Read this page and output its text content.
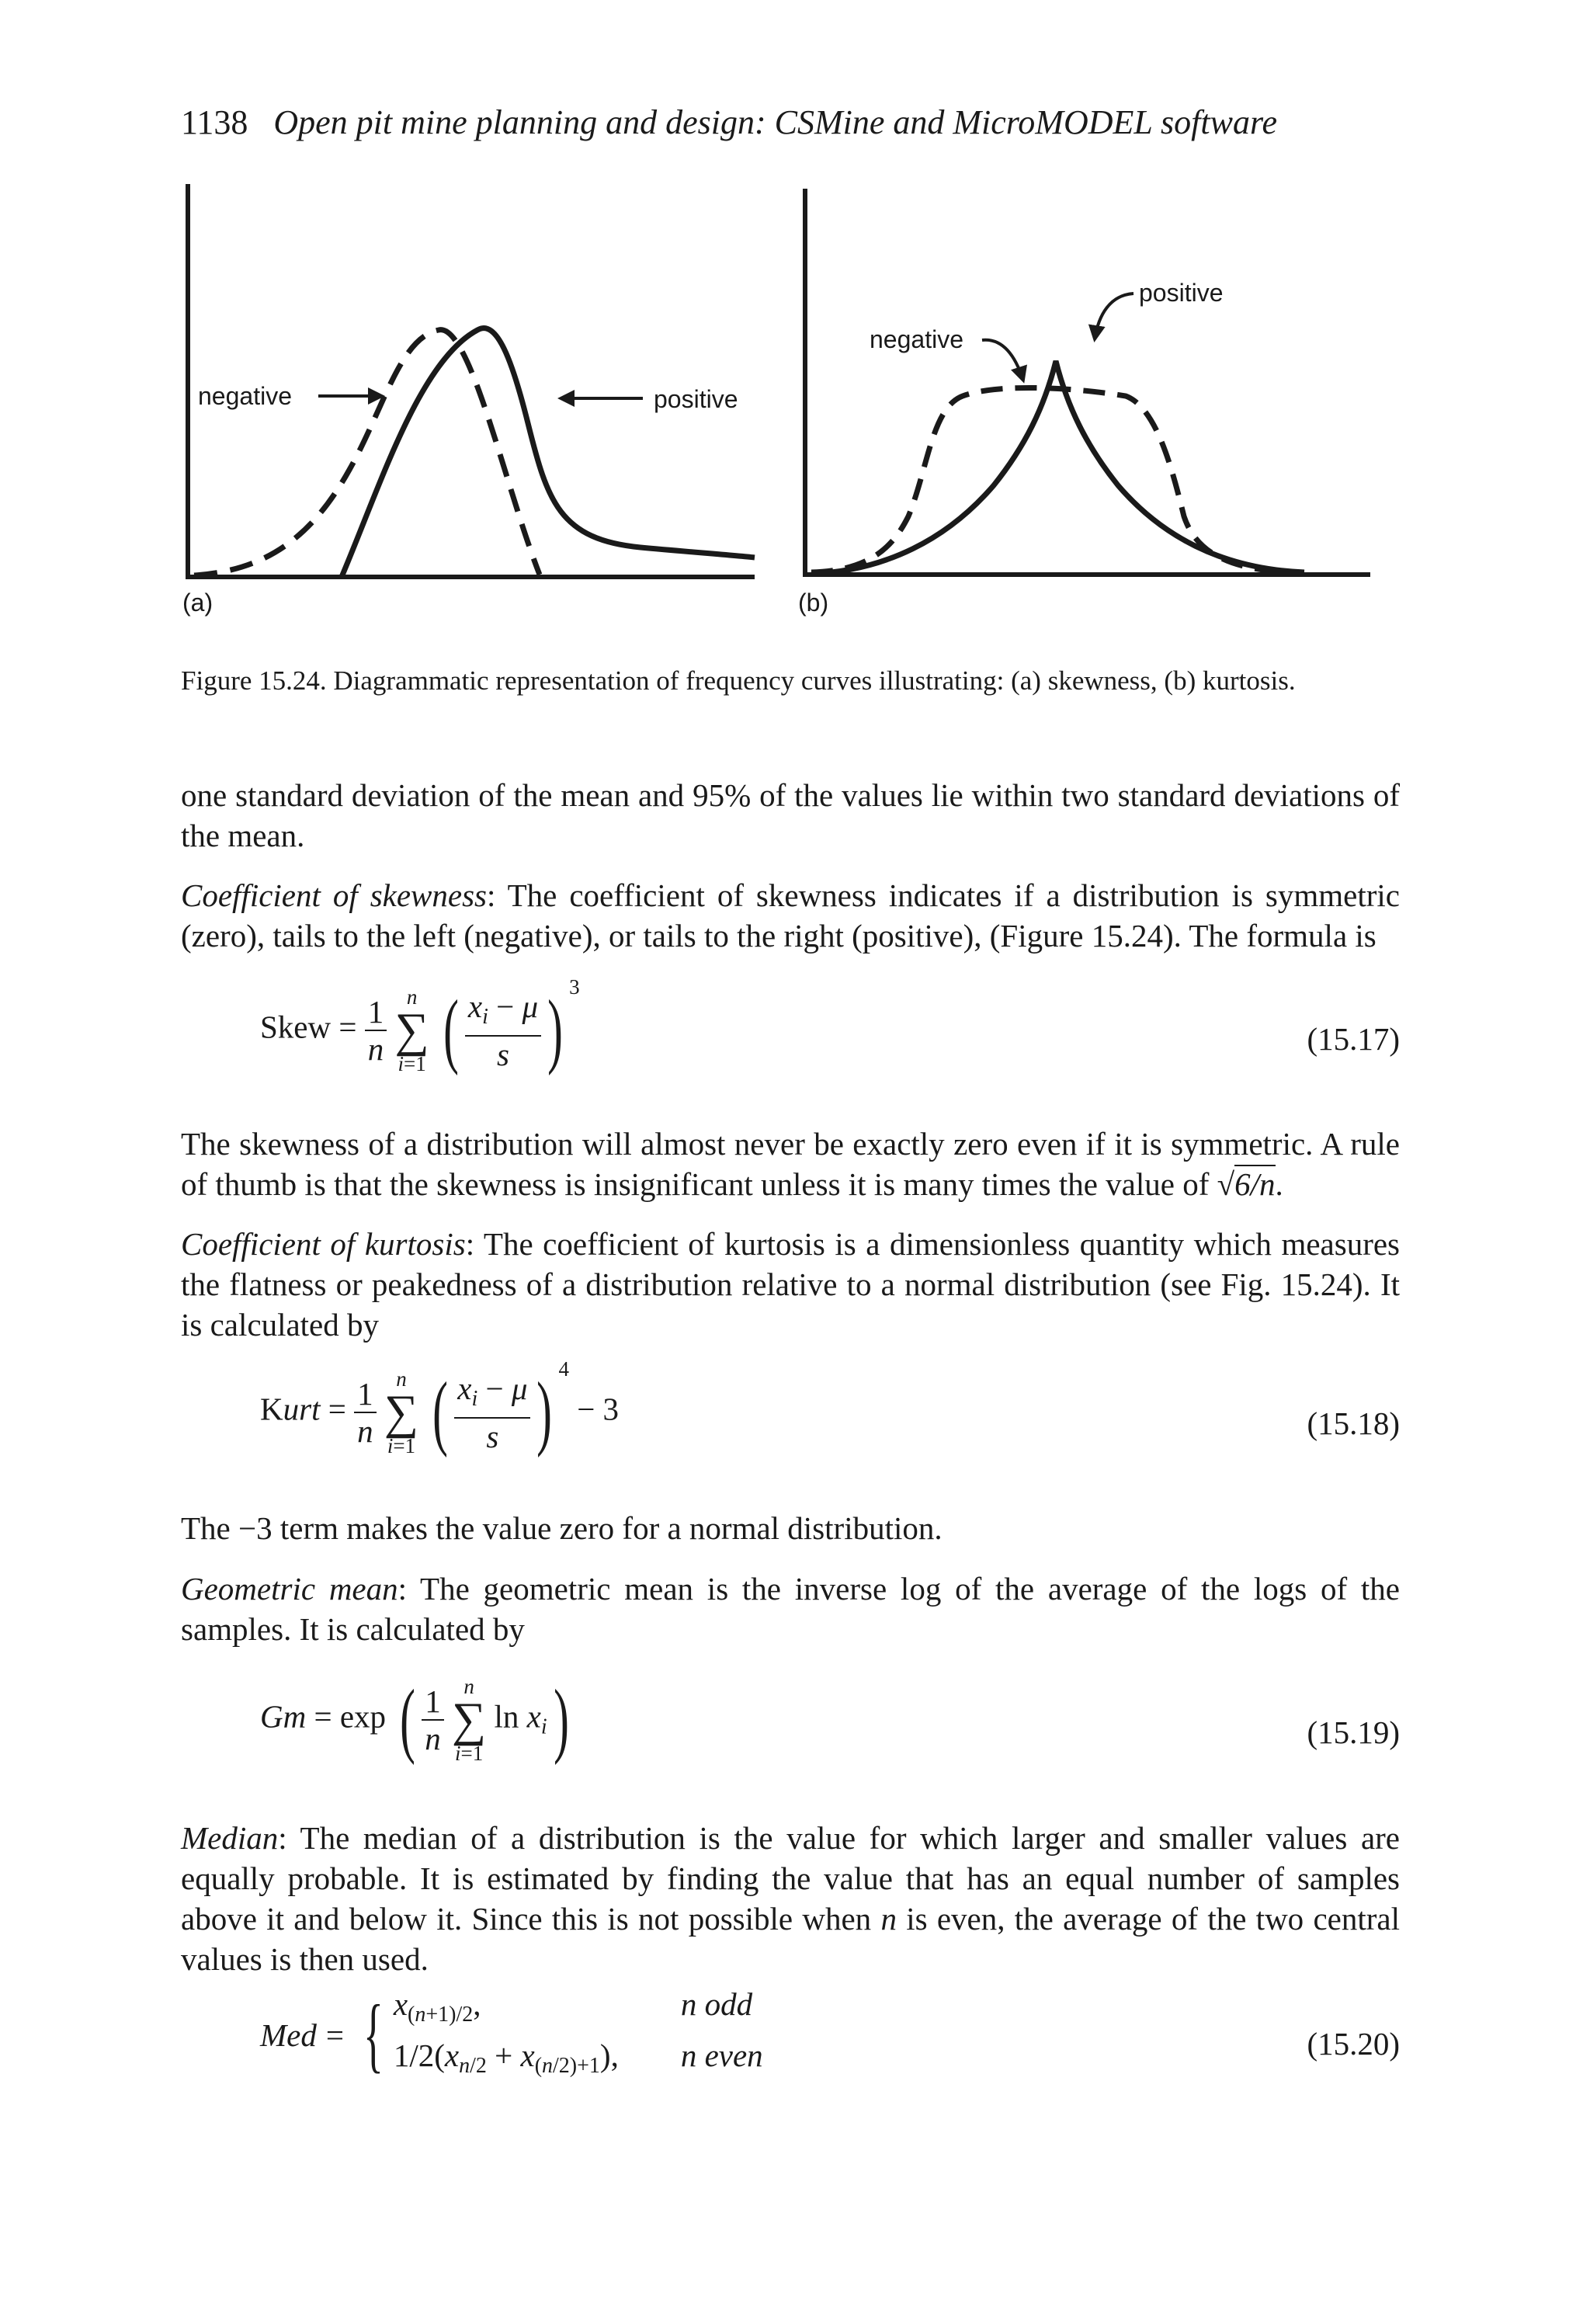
1138 Open pit mine planning and design: CSMine and MicroMODEL software
negative	positive
(a)
negative
positive
(b)
Figure 15.24. Diagrammatic representation of frequency curves illustrating: (a) skewness, (b) kurtosis.
one standard deviation of the mean and 95% of the values lie within two standard deviations of the mean.
Coefficient of skewness: The coefficient of skewness indicates if a distribution is symmetric (zero), tails to the left (negative), or tails to the right (positive), (Figure 15.24). The formula is
Skew = $\frac{1}{n}$
n
∑
i=1 ( $\frac{x_i - \mu}{s}$ ) 3
(15.17)
The skewness of a distribution will almost never be exactly zero even if it is symmetric. A rule of thumb is that the skewness is insignificant unless it is many times the value of √6/n.
Coefficient of kurtosis: The coefficient of kurtosis is a dimensionless quantity which measures the flatness or peakedness of a distribution relative to a normal distribution (see Fig. 15.24). It is calculated by
Kurt = $\frac{1}{n}$
n
∑
i=1 ( $\frac{x_i - \mu}{s}$ ) 4 − 3	(15.18)
The −3 term makes the value zero for a normal distribution.
Geometric mean: The geometric mean is the inverse log of the average of the logs of the samples. It is calculated by
Gm = exp ( $\frac{1}{n}$
n
∑
i=1
$\ln x_i$)	(15.19)
Median: The median of a distribution is the value for which larger and smaller values are equally probable. It is estimated by finding the value that has an equal number of samples above it and below it. Since this is not possible when n is even, the average of the two central values is then used.
Med = { $x_{(n+1)/2}$,	n odd
$1/2(x_{n/2} + x_{(n/2)+1})$, n even	(15.20)
